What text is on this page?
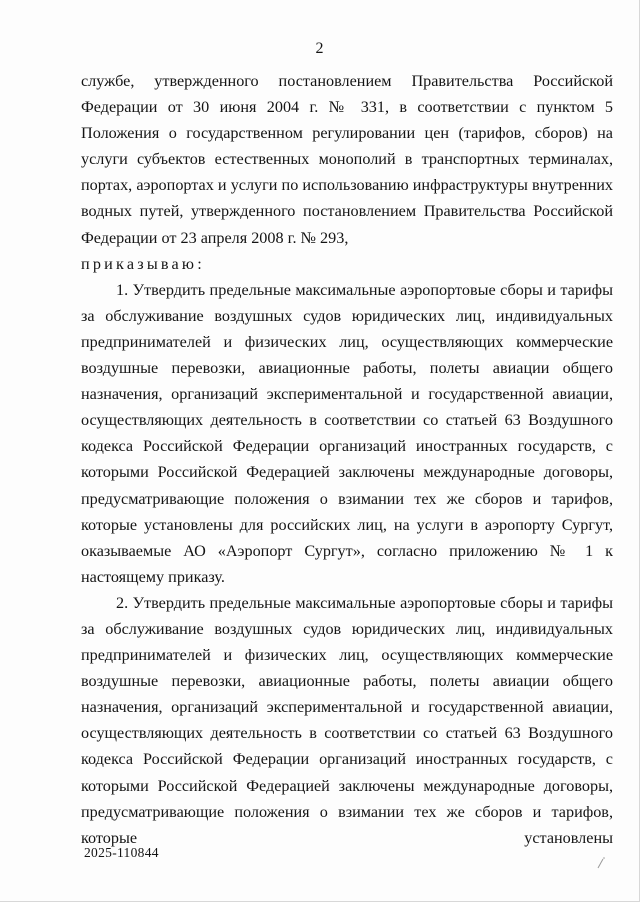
2

службе, утвержденного постановлением Правительства Российской Федерации от 30 июня 2004 г. № 331, в соответствии с пунктом 5 Положения о государственном регулировании цен (тарифов, сборов) на услуги субъектов естественных монополий в транспортных терминалах, портах, аэропортах и услуги по использованию инфраструктуры внутренних водных путей, утвержденного постановлением Правительства Российской Федерации от 23 апреля 2008 г. № 293,

приказываю:

1. Утвердить предельные максимальные аэропортовые сборы и тарифы за обслуживание воздушных судов юридических лиц, индивидуальных предпринимателей и физических лиц, осуществляющих коммерческие воздушные перевозки, авиационные работы, полеты авиации общего назначения, организаций экспериментальной и государственной авиации, осуществляющих деятельность в соответствии со статьей 63 Воздушного кодекса Российской Федерации организаций иностранных государств, с которыми Российской Федерацией заключены международные договоры, предусматривающие положения о взимании тех же сборов и тарифов, которые установлены для российских лиц, на услуги в аэропорту Сургут, оказываемые АО «Аэропорт Сургут», согласно приложению № 1 к настоящему приказу.

2. Утвердить предельные максимальные аэропортовые сборы и тарифы за обслуживание воздушных судов юридических лиц, индивидуальных предпринимателей и физических лиц, осуществляющих коммерческие воздушные перевозки, авиационные работы, полеты авиации общего назначения, организаций экспериментальной и государственной авиации, осуществляющих деятельность в соответствии со статьей 63 Воздушного кодекса Российской Федерации организаций иностранных государств, с которыми Российской Федерацией заключены международные договоры, предусматривающие положения о взимании тех же сборов и тарифов, которые установлены

2025-110844
